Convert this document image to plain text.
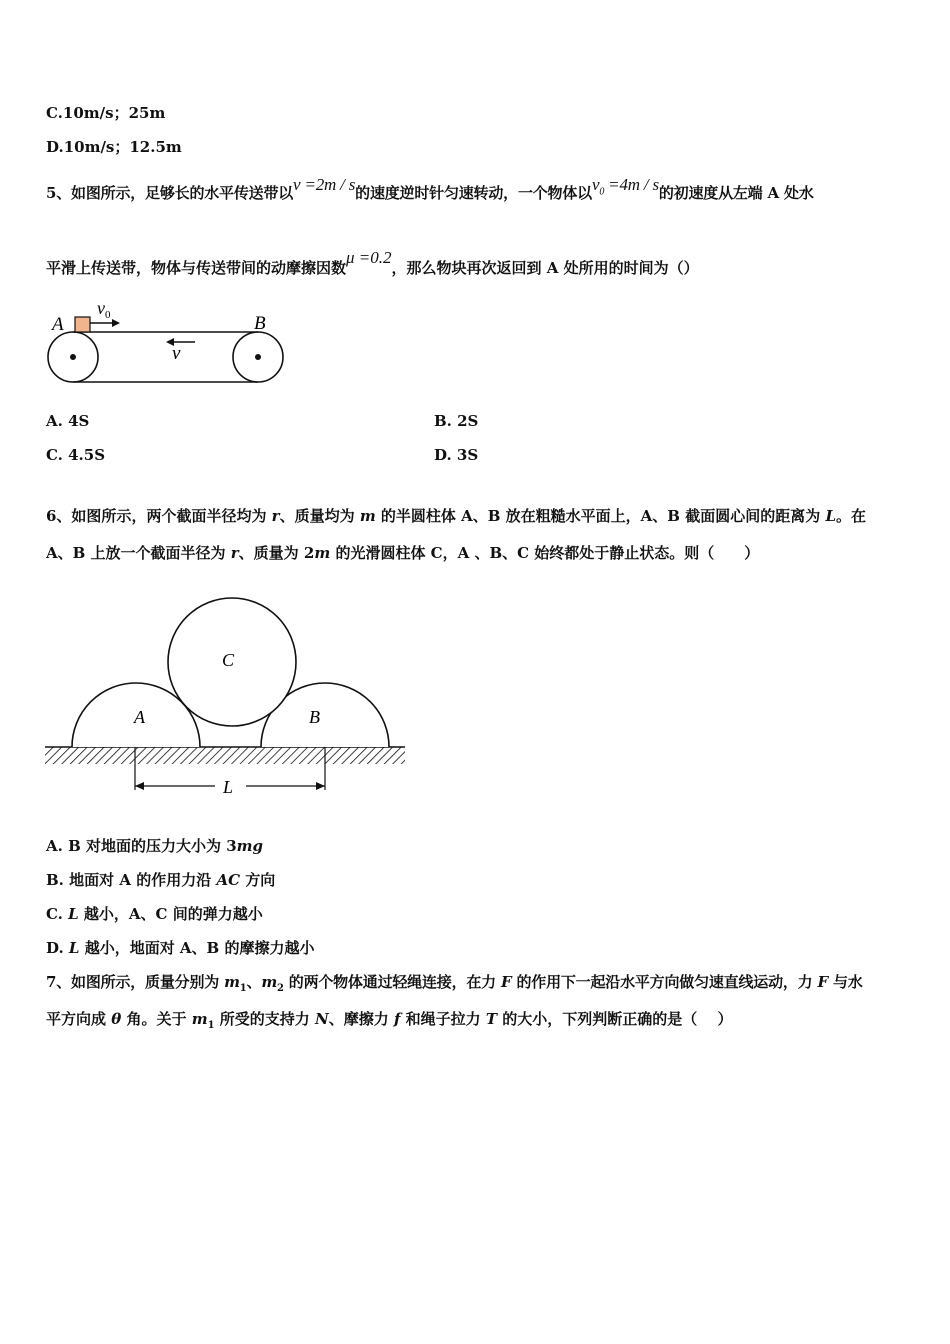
C.10m/s；25m
D.10m/s；12.5m
5、如图所示，足够长的水平传送带以v =2m / s的速度逆时针匀速转动，一个物体以$v_0 =4m / s$的初速度从左端 A 处水
平滑上传送带，物体与传送带间的动摩擦因数μ =0.2，那么物块再次返回到 A 处所用的时间为（）
A	B
$v_0$
v
A. 4S	B. 2S
C. 4.5S	D. 3S
6、如图所示，两个截面半径均为 r、质量均为 m 的半圆柱体 A、B 放在粗糙水平面上，A、B 截面圆心间的距离为 L。在
A、B 上放一个截面半径为 r、质量为 2m 的光滑圆柱体 C，A 、B、C 始终都处于静止状态。则（　　）
A	B
C
L
A. B 对地面的压力大小为 3mg
B. 地面对 A 的作用力沿 AC 方向
C. L 越小，A、C 间的弹力越小
D. L 越小，地面对 A、B 的摩擦力越小
7、如图所示，质量分别为 $m_1$、$m_2$ 的两个物体通过轻绳连接，在力 F 的作用下一起沿水平方向做匀速直线运动，力 F 与水
平方向成 θ 角。关于 $m_1$ 所受的支持力 N、摩擦力 f 和绳子拉力 T 的大小，下列判断正确的是（　 ）
